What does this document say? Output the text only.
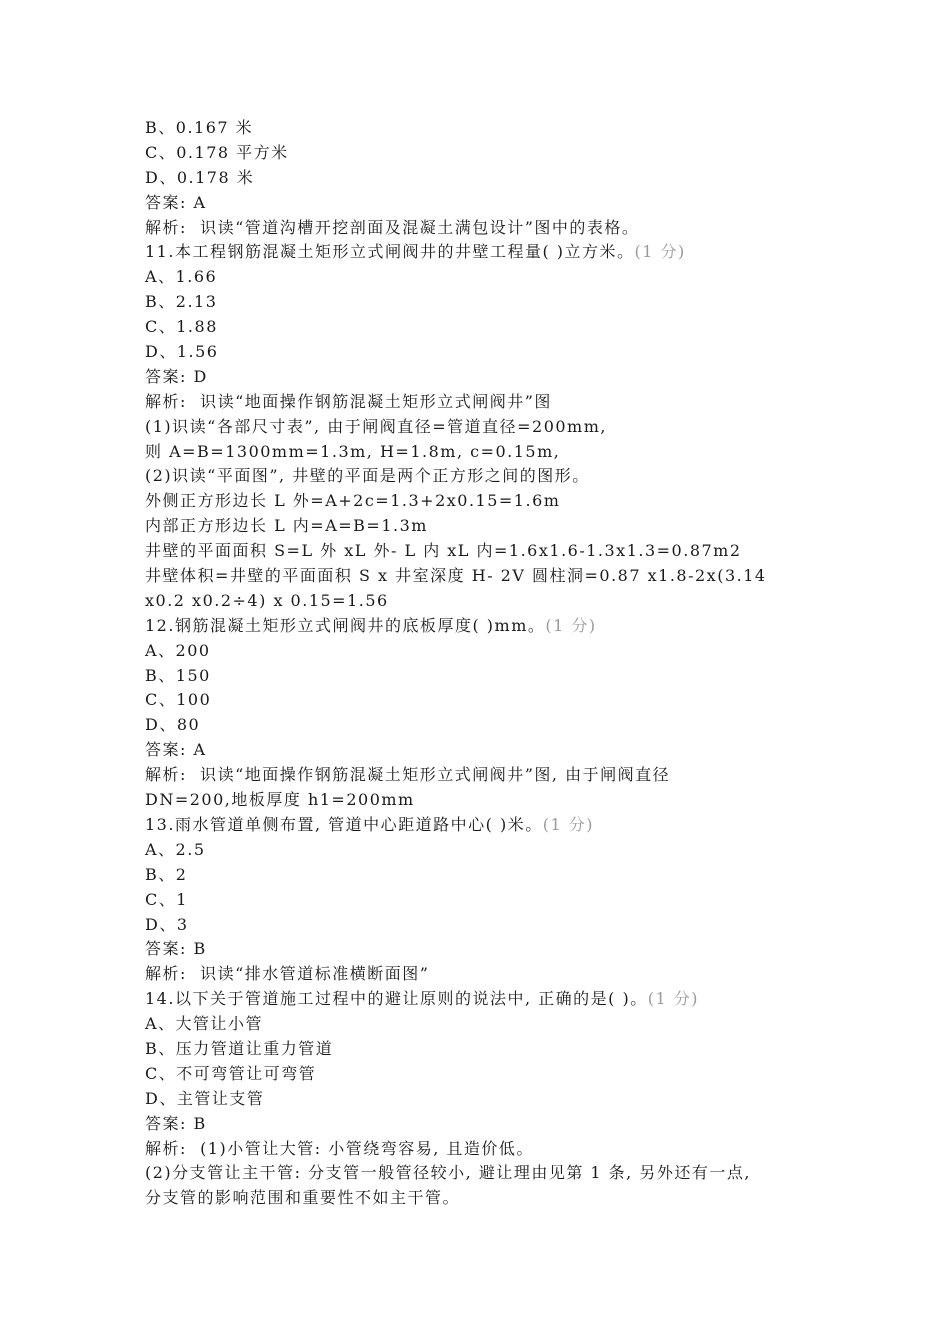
B、0.167 米
C、0.178 平方米
D、0.178 米
答案: A
解析:  识读“管道沟槽开挖剖面及混凝土满包设计”图中的表格。
11.本工程钢筋混凝土矩形立式闸阀井的井壁工程量( )立方米。(1 分)
A、1.66
B、2.13
C、1.88
D、1.56
答案: D
解析:  识读“地面操作钢筋混凝土矩形立式闸阀井”图
(1)识读“各部尺寸表”, 由于闸阀直径=管道直径=200mm,
则 A=B=1300mm=1.3m, H=1.8m, c=0.15m,
(2)识读“平面图”, 井壁的平面是两个正方形之间的图形。
外侧正方形边长 L 外=A+2c=1.3+2x0.15=1.6m
内部正方形边长 L 内=A=B=1.3m
井壁的平面面积 S=L 外 xL 外- L 内 xL 内=1.6x1.6-1.3x1.3=0.87m2
井壁体积=井壁的平面面积 S x 井室深度 H- 2V 圆柱洞=0.87 x1.8-2x(3.14
x0.2 x0.2÷4) x 0.15=1.56
12.钢筋混凝土矩形立式闸阀井的底板厚度( )mm。(1 分)
A、200
B、150
C、100
D、80
答案: A
解析:  识读“地面操作钢筋混凝土矩形立式闸阀井”图, 由于闸阀直径
DN=200,地板厚度 h1=200mm
13.雨水管道单侧布置, 管道中心距道路中心( )米。(1 分)
A、2.5
B、2
C、1
D、3
答案: B
解析:  识读“排水管道标准横断面图”
14.以下关于管道施工过程中的避让原则的说法中, 正确的是( )。(1 分)
A、大管让小管
B、压力管道让重力管道
C、不可弯管让可弯管
D、主管让支管
答案: B
解析:  (1)小管让大管: 小管绕弯容易, 且造价低。
(2)分支管让主干管: 分支管一般管径较小, 避让理由见第 1 条, 另外还有一点,
分支管的影响范围和重要性不如主干管。
